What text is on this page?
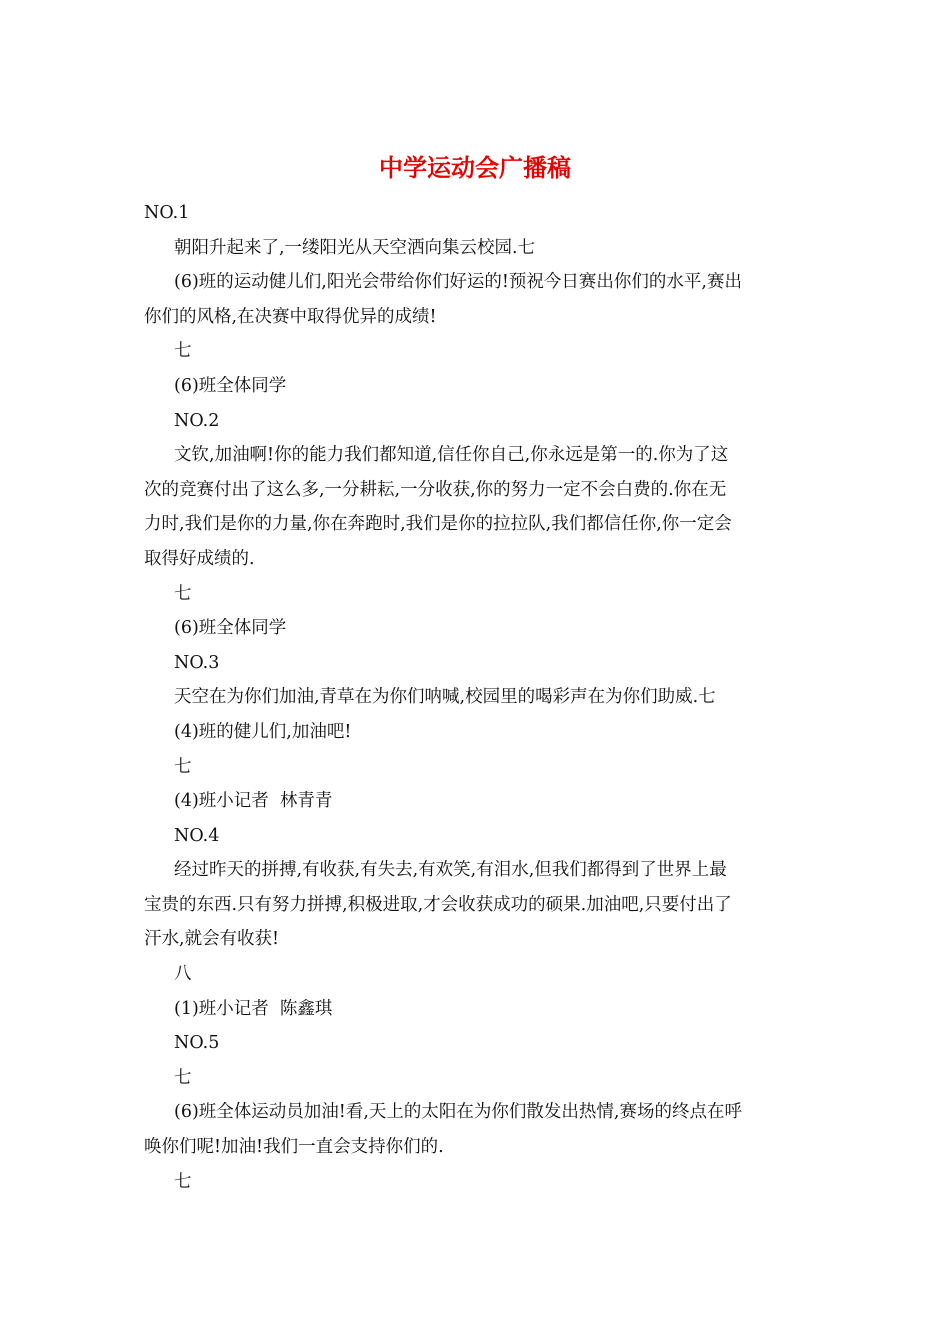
中学运动会广播稿
NO.1
朝阳升起来了,一缕阳光从天空洒向集云校园.七
(6)班的运动健儿们,阳光会带给你们好运的!预祝今日赛出你们的水平,赛出
你们的风格,在决赛中取得优异的成绩!
七
(6)班全体同学
NO.2
文钦,加油啊!你的能力我们都知道,信任你自己,你永远是第一的.你为了这
次的竞赛付出了这么多,一分耕耘,一分收获,你的努力一定不会白费的.你在无
力时,我们是你的力量,你在奔跑时,我们是你的拉拉队,我们都信任你,你一定会
取得好成绩的.
七
(6)班全体同学
NO.3
天空在为你们加油,青草在为你们呐喊,校园里的喝彩声在为你们助威.七
(4)班的健儿们,加油吧!
七
(4)班小记者  林青青
NO.4
经过昨天的拼搏,有收获,有失去,有欢笑,有泪水,但我们都得到了世界上最
宝贵的东西.只有努力拼搏,积极进取,才会收获成功的硕果.加油吧,只要付出了
汗水,就会有收获!
八
(1)班小记者  陈鑫琪
NO.5
七
(6)班全体运动员加油!看,天上的太阳在为你们散发出热情,赛场的终点在呼
唤你们呢!加油!我们一直会支持你们的.
七
